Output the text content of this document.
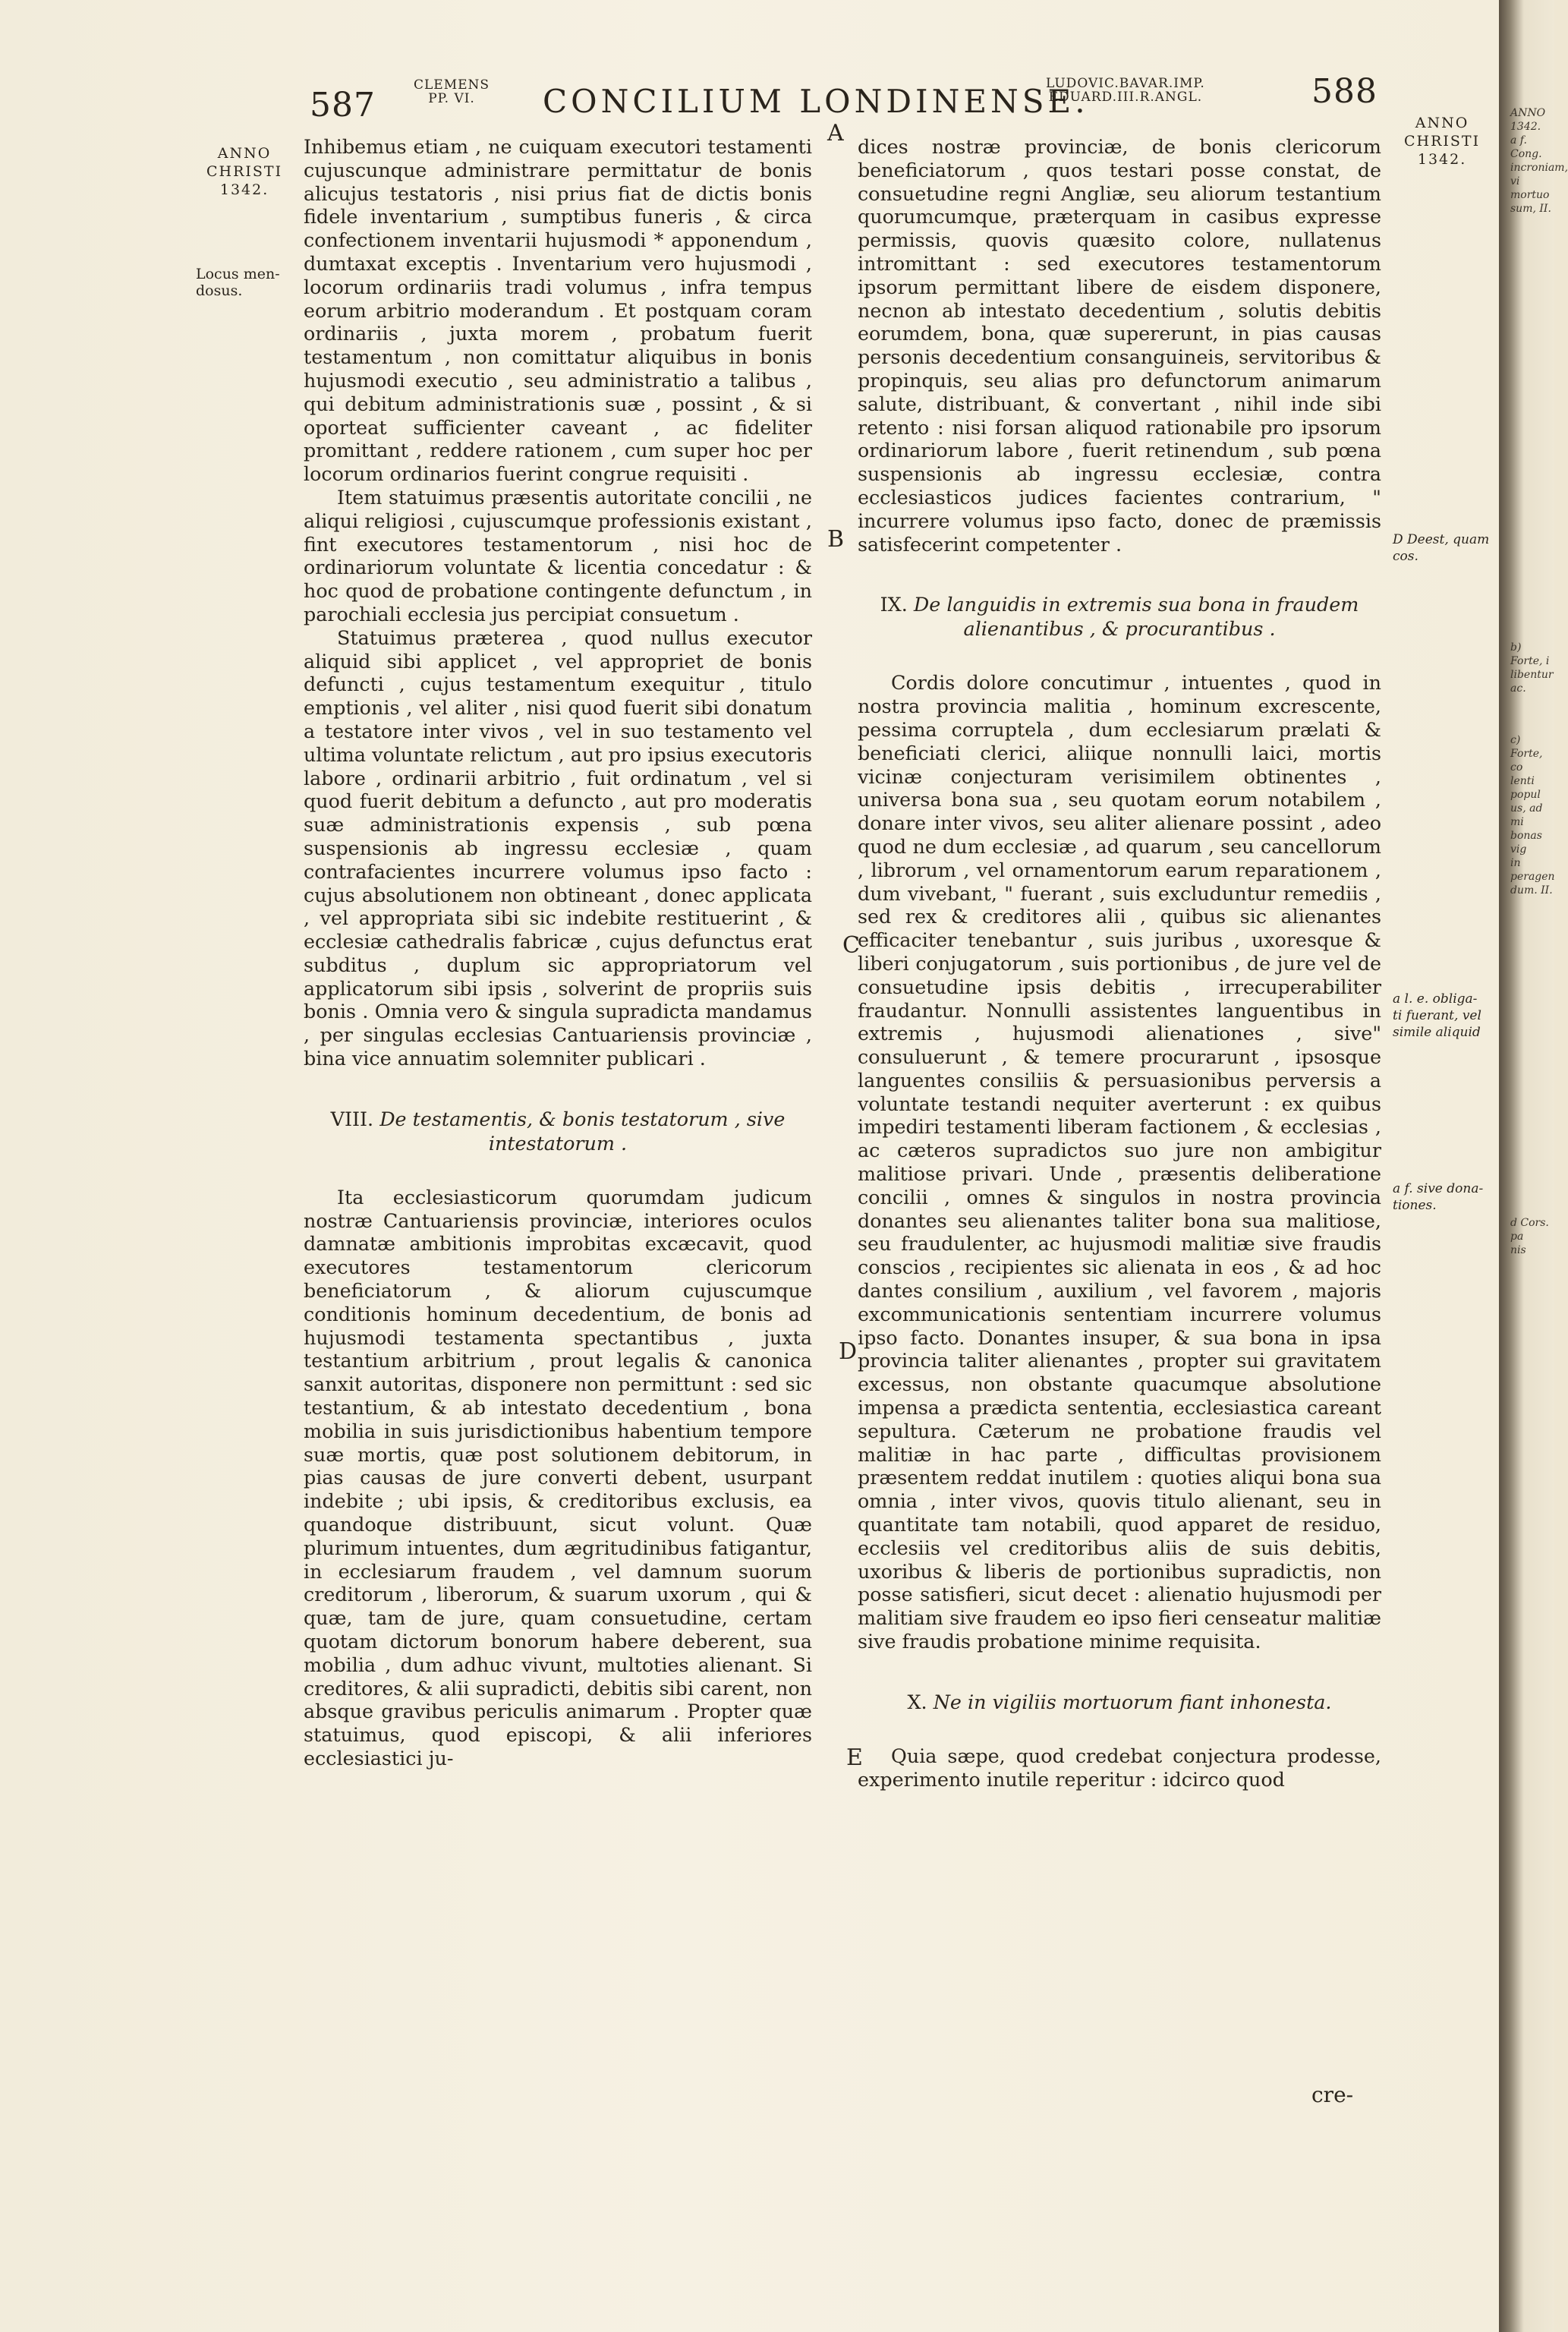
ANNO
1342.
a f. Cong.
incroniam,
vi mortuo
sum, II.
b) Forte, i
libentur ac.
c) Forte, co
lenti popul
us, ad mi
bonas vig
in peragen
dum. II.
d Cors. pa
nis
587
CLEMENS
PP. VI.	CONCILIUM LONDINENSE.
LUDOVIC.BAVAR.IMP.
EDUARD.III.R.ANGL.	588
ANNO
CHRISTI
1342.
Locus men-
dosus.
ANNO
CHRISTI
1342.
D Deest, quam
cos.
a l. e. obliga-
ti fuerant, vel
simile aliquid
a f. sive dona-
tiones.
A
B
C
D
E

Inhibemus etiam , ne cuiquam executori testamenti cujuscunque administrare permittatur de bonis alicujus testatoris , nisi prius fiat de dictis bonis fidele inventarium , sumptibus funeris , & circa confectionem inventarii hujusmodi * apponendum , dumtaxat exceptis . Inventarium vero hujusmodi , locorum ordinariis tradi volumus , infra tempus eorum arbitrio moderandum . Et postquam coram ordinariis , juxta morem , probatum fuerit testamentum , non comittatur aliquibus in bonis hujusmodi executio , seu administratio a talibus , qui debitum administrationis suæ , possint , & si oporteat sufficienter caveant , ac fideliter promittant , reddere rationem , cum super hoc per locorum ordinarios fuerint congrue requisiti .

Item statuimus præsentis autoritate concilii , ne aliqui religiosi , cujuscumque professionis existant , fint executores testamentorum , nisi hoc de ordinariorum voluntate & licentia concedatur : & hoc quod de probatione contingente defunctum , in parochiali ecclesia jus percipiat consuetum .

Statuimus præterea , quod nullus executor aliquid sibi applicet , vel appropriet de bonis defuncti , cujus testamentum exequitur , titulo emptionis , vel aliter , nisi quod fuerit sibi donatum a testatore inter vivos , vel in suo testamento vel ultima voluntate relictum , aut pro ipsius executoris labore , ordinarii arbitrio , fuit ordinatum , vel si quod fuerit debitum a defuncto , aut pro moderatis suæ administrationis expensis , sub pœna suspensionis ab ingressu ecclesiæ , quam contrafacientes incurrere volumus ipso facto : cujus absolutionem non obtineant , donec applicata , vel appropriata sibi sic indebite restituerint , & ecclesiæ cathedralis fabricæ , cujus defunctus erat subditus , duplum sic appropriatorum vel applicatorum sibi ipsis , solverint de propriis suis bonis . Omnia vero & singula supradicta mandamus , per singulas ecclesias Cantuariensis provinciæ , bina vice annuatim solemniter publicari .

VIII. De testamentis, & bonis testatorum , sive intestatorum .

Ita ecclesiasticorum quorumdam judicum nostræ Cantuariensis provinciæ, interiores oculos damnatæ ambitionis improbitas excæcavit, quod executores testamentorum clericorum beneficiatorum , & aliorum cujuscumque conditionis hominum decedentium, de bonis ad hujusmodi testamenta spectantibus , juxta testantium arbitrium , prout legalis & canonica sanxit autoritas, disponere non permittunt : sed sic testantium, & ab intestato decedentium , bona mobilia in suis jurisdictionibus habentium tempore suæ mortis, quæ post solutionem debitorum, in pias causas de jure converti debent, usurpant indebite ; ubi ipsis, & creditoribus exclusis, ea quandoque distribuunt, sicut volunt. Quæ plurimum intuentes, dum ægritudinibus fatigantur, in ecclesiarum fraudem , vel damnum suorum creditorum , liberorum, & suarum uxorum , qui & quæ, tam de jure, quam consuetudine, certam quotam dictorum bonorum habere deberent, sua mobilia , dum adhuc vivunt, multoties alienant. Si creditores, & alii supradicti, debitis sibi carent, non absque gravibus periculis animarum . Propter quæ statuimus, quod episcopi, & alii inferiores ecclesiastici ju-

dices nostræ provinciæ, de bonis clericorum beneficiatorum , quos testari posse constat, de consuetudine regni Angliæ, seu aliorum testantium quorumcumque, præterquam in casibus expresse permissis, quovis quæsito colore, nullatenus intromittant : sed executores testamentorum ipsorum permittant libere de eisdem disponere, necnon ab intestato decedentium , solutis debitis eorumdem, bona, quæ supererunt, in pias causas personis decedentium consanguineis, servitoribus & propinquis, seu alias pro defunctorum animarum salute, distribuant, & convertant , nihil inde sibi retento : nisi forsan aliquod rationabile pro ipsorum ordinariorum labore , fuerit retinendum , sub pœna suspensionis ab ingressu ecclesiæ, contra ecclesiasticos judices facientes contrarium, " incurrere volumus ipso facto, donec de præmissis satisfecerint competenter .

IX. De languidis in extremis sua bona in fraudem alienantibus , & procurantibus .

Cordis dolore concutimur , intuentes , quod in nostra provincia malitia , hominum excrescente, pessima corruptela , dum ecclesiarum prælati & beneficiati clerici, aliique nonnulli laici, mortis vicinæ conjecturam verisimilem obtinentes , universa bona sua , seu quotam eorum notabilem , donare inter vivos, seu aliter alienare possint , adeo quod ne dum ecclesiæ , ad quarum , seu cancellorum , librorum , vel ornamentorum earum reparationem , dum vivebant, " fuerant , suis excluduntur remediis , sed rex & creditores alii , quibus sic alienantes efficaciter tenebantur , suis juribus , uxoresque & liberi conjugatorum , suis portionibus , de jure vel de consuetudine ipsis debitis , irrecuperabiliter fraudantur. Nonnulli assistentes languentibus in extremis , hujusmodi alienationes , sive" consuluerunt , & temere procurarunt , ipsosque languentes consiliis & persuasionibus perversis a voluntate testandi nequiter averterunt : ex quibus impediri testamenti liberam factionem , & ecclesias , ac cæteros supradictos suo jure non ambigitur malitiose privari. Unde , præsentis deliberatione concilii , omnes & singulos in nostra provincia donantes seu alienantes taliter bona sua malitiose, seu fraudulenter, ac hujusmodi malitiæ sive fraudis conscios , recipientes sic alienata in eos , & ad hoc dantes consilium , auxilium , vel favorem , majoris excommunicationis sententiam incurrere volumus ipso facto. Donantes insuper, & sua bona in ipsa provincia taliter alienantes , propter sui gravitatem excessus, non obstante quacumque absolutione impensa a prædicta sententia, ecclesiastica careant sepultura. Cæterum ne probatione fraudis vel malitiæ in hac parte , difficultas provisionem præsentem reddat inutilem : quoties aliqui bona sua omnia , inter vivos, quovis titulo alienant, seu in quantitate tam notabili, quod apparet de residuo, ecclesiis vel creditoribus aliis de suis debitis, uxoribus & liberis de portionibus supradictis, non posse satisfieri, sicut decet : alienatio hujusmodi per malitiam sive fraudem eo ipso fieri censeatur malitiæ sive fraudis probatione minime requisita.

X. Ne in vigiliis mortuorum fiant inhonesta.

Quia sæpe, quod credebat conjectura prodesse, experimento inutile reperitur : idcirco quod

cre-
